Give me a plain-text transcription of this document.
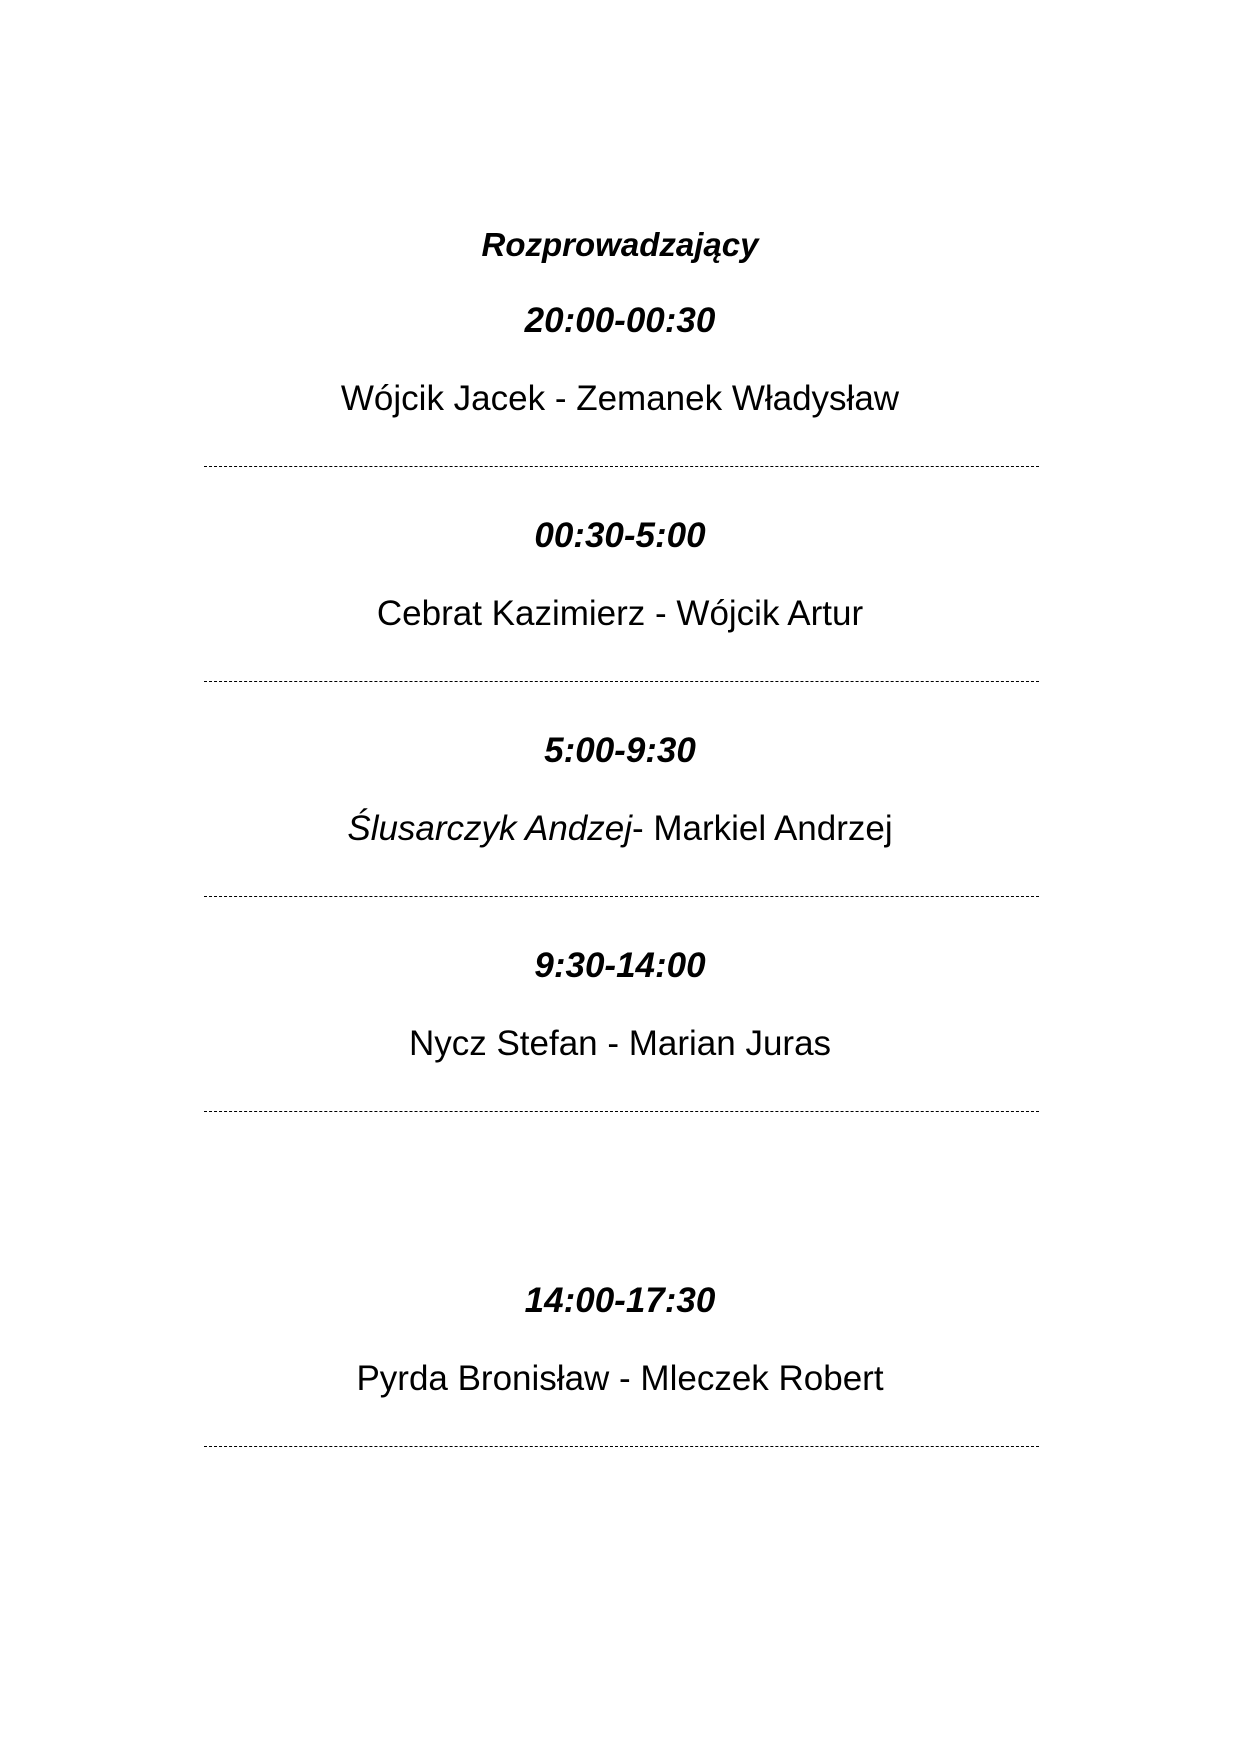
Rozprowadzający
20:00-00:30
Wójcik Jacek - Zemanek Władysław
00:30-5:00
Cebrat Kazimierz - Wójcik Artur
5:00-9:30
Ślusarczyk Andzej- Markiel Andrzej
9:30-14:00
Nycz Stefan - Marian Juras
14:00-17:30
Pyrda Bronisław - Mleczek Robert
